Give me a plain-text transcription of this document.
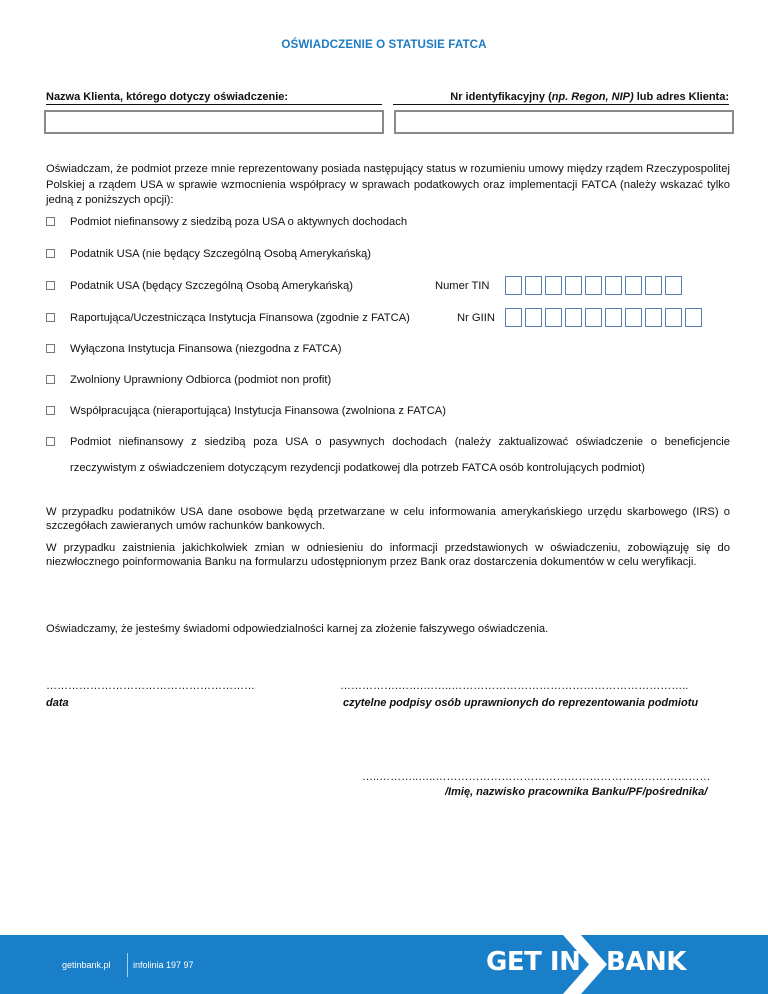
OŚWIADCZENIE O STATUSIE FATCA
Nazwa Klienta, którego dotyczy oświadczenie:	Nr identyfikacyjny (np. Regon, NIP) lub adres Klienta:
Oświadczam, że podmiot przeze mnie reprezentowany posiada następujący status w rozumieniu umowy między rządem Rzeczypospolitej Polskiej a rządem USA w sprawie wzmocnienia współpracy w sprawach podatkowych oraz implementacji FATCA (należy wskazać tylko jedną z poniższych opcji):
Podmiot niefinansowy z siedzibą poza USA o aktywnych dochodach
Podatnik USA (nie będący Szczególną Osobą Amerykańską)
Podatnik USA (będący Szczególną Osobą Amerykańską)	Numer TIN
Raportująca/Uczestnicząca Instytucja Finansowa (zgodnie z FATCA)	Nr GIIN
Wyłączona Instytucja Finansowa (niezgodna z FATCA)
Zwolniony Uprawniony Odbiorca (podmiot non profit)
Współpracująca (nieraportująca) Instytucja Finansowa (zwolniona z FATCA)
Podmiot niefinansowy z siedzibą poza USA o pasywnych dochodach (należy zaktualizować oświadczenie o beneficjencie rzeczywistym z oświadczeniem dotyczącym rezydencji podatkowej dla potrzeb FATCA osób kontrolujących podmiot)
W przypadku podatników USA dane osobowe będą przetwarzane w celu informowania amerykańskiego urzędu skarbowego (IRS) o szczegółach zawieranych umów rachunków bankowych.
W przypadku zaistnienia jakichkolwiek zmian w odniesieniu do informacji przedstawionych w oświadczeniu, zobowiązuję się do niezwłocznego poinformowania Banku na formularzu udostępnionym przez Bank oraz dostarczenia dokumentów w celu weryfikacji.
Oświadczamy, że jesteśmy świadomi odpowiedzialności karnej za złożenie fałszywego oświadczenia.
…………………………………………………
data
…………….…….……..………………………………………………………..
czytelne podpisy osób uprawnionych do reprezentowania podmiotu
…..………..…..…………………………………………………………………
/Imię, nazwisko pracownika Banku/PF/pośrednika/
getinbank.pl infolinia 197 97	GET IN BANK
